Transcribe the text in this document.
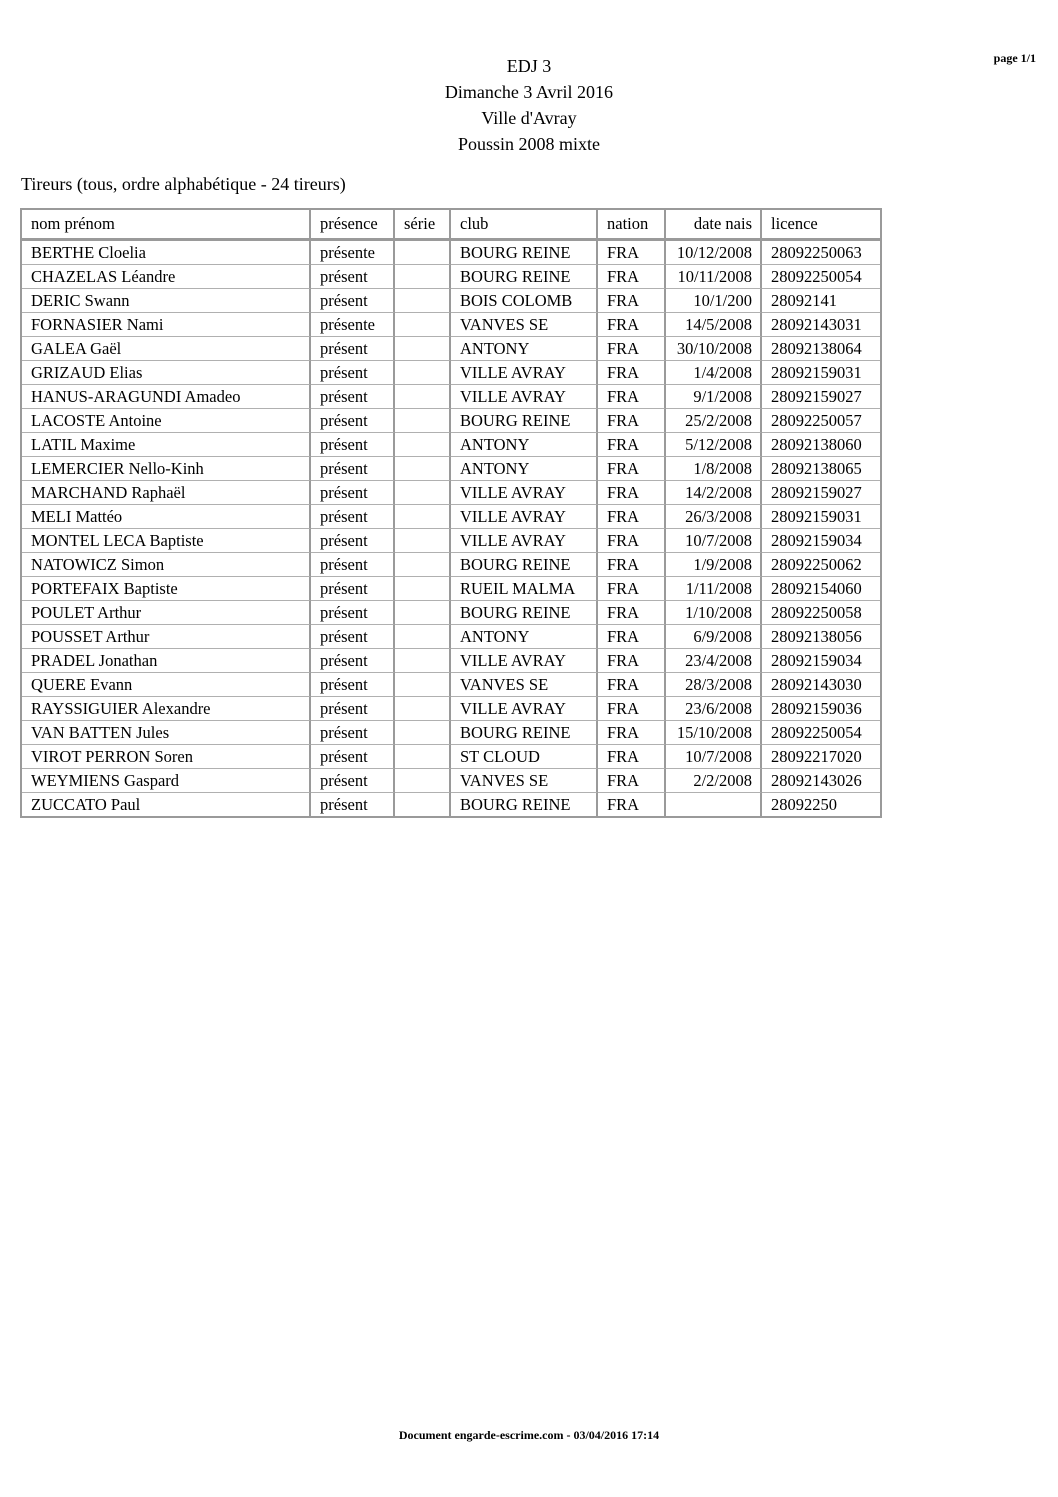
page 1/1
EDJ 3
Dimanche 3 Avril 2016
Ville d'Avray
Poussin 2008 mixte
Tireurs (tous, ordre alphabétique - 24 tireurs)
nom prénom	présence	série	club	nation	date nais	licence
BERTHE Cloelia	présente		BOURG REINE	FRA	10/12/2008	28092250063
CHAZELAS Léandre	présent		BOURG REINE	FRA	10/11/2008	28092250054
DERIC Swann	présent		BOIS COLOMB	FRA	10/1/200	28092141
FORNASIER Nami	présente		VANVES SE	FRA	14/5/2008	28092143031
GALEA Gaël	présent		ANTONY	FRA	30/10/2008	28092138064
GRIZAUD Elias	présent		VILLE AVRAY	FRA	1/4/2008	28092159031
HANUS-ARAGUNDI Amadeo	présent		VILLE AVRAY	FRA	9/1/2008	28092159027
LACOSTE Antoine	présent		BOURG REINE	FRA	25/2/2008	28092250057
LATIL Maxime	présent		ANTONY	FRA	5/12/2008	28092138060
LEMERCIER Nello-Kinh	présent		ANTONY	FRA	1/8/2008	28092138065
MARCHAND Raphaël	présent		VILLE AVRAY	FRA	14/2/2008	28092159027
MELI Mattéo	présent		VILLE AVRAY	FRA	26/3/2008	28092159031
MONTEL LECA Baptiste	présent		VILLE AVRAY	FRA	10/7/2008	28092159034
NATOWICZ Simon	présent		BOURG REINE	FRA	1/9/2008	28092250062
PORTEFAIX Baptiste	présent		RUEIL MALMA	FRA	1/11/2008	28092154060
POULET Arthur	présent		BOURG REINE	FRA	1/10/2008	28092250058
POUSSET Arthur	présent		ANTONY	FRA	6/9/2008	28092138056
PRADEL Jonathan	présent		VILLE AVRAY	FRA	23/4/2008	28092159034
QUERE Evann	présent		VANVES SE	FRA	28/3/2008	28092143030
RAYSSIGUIER Alexandre	présent		VILLE AVRAY	FRA	23/6/2008	28092159036
VAN BATTEN Jules	présent		BOURG REINE	FRA	15/10/2008	28092250054
VIROT PERRON Soren	présent		ST CLOUD	FRA	10/7/2008	28092217020
WEYMIENS Gaspard	présent		VANVES SE	FRA	2/2/2008	28092143026
ZUCCATO Paul	présent		BOURG REINE	FRA		28092250
Document engarde-escrime.com - 03/04/2016 17:14
